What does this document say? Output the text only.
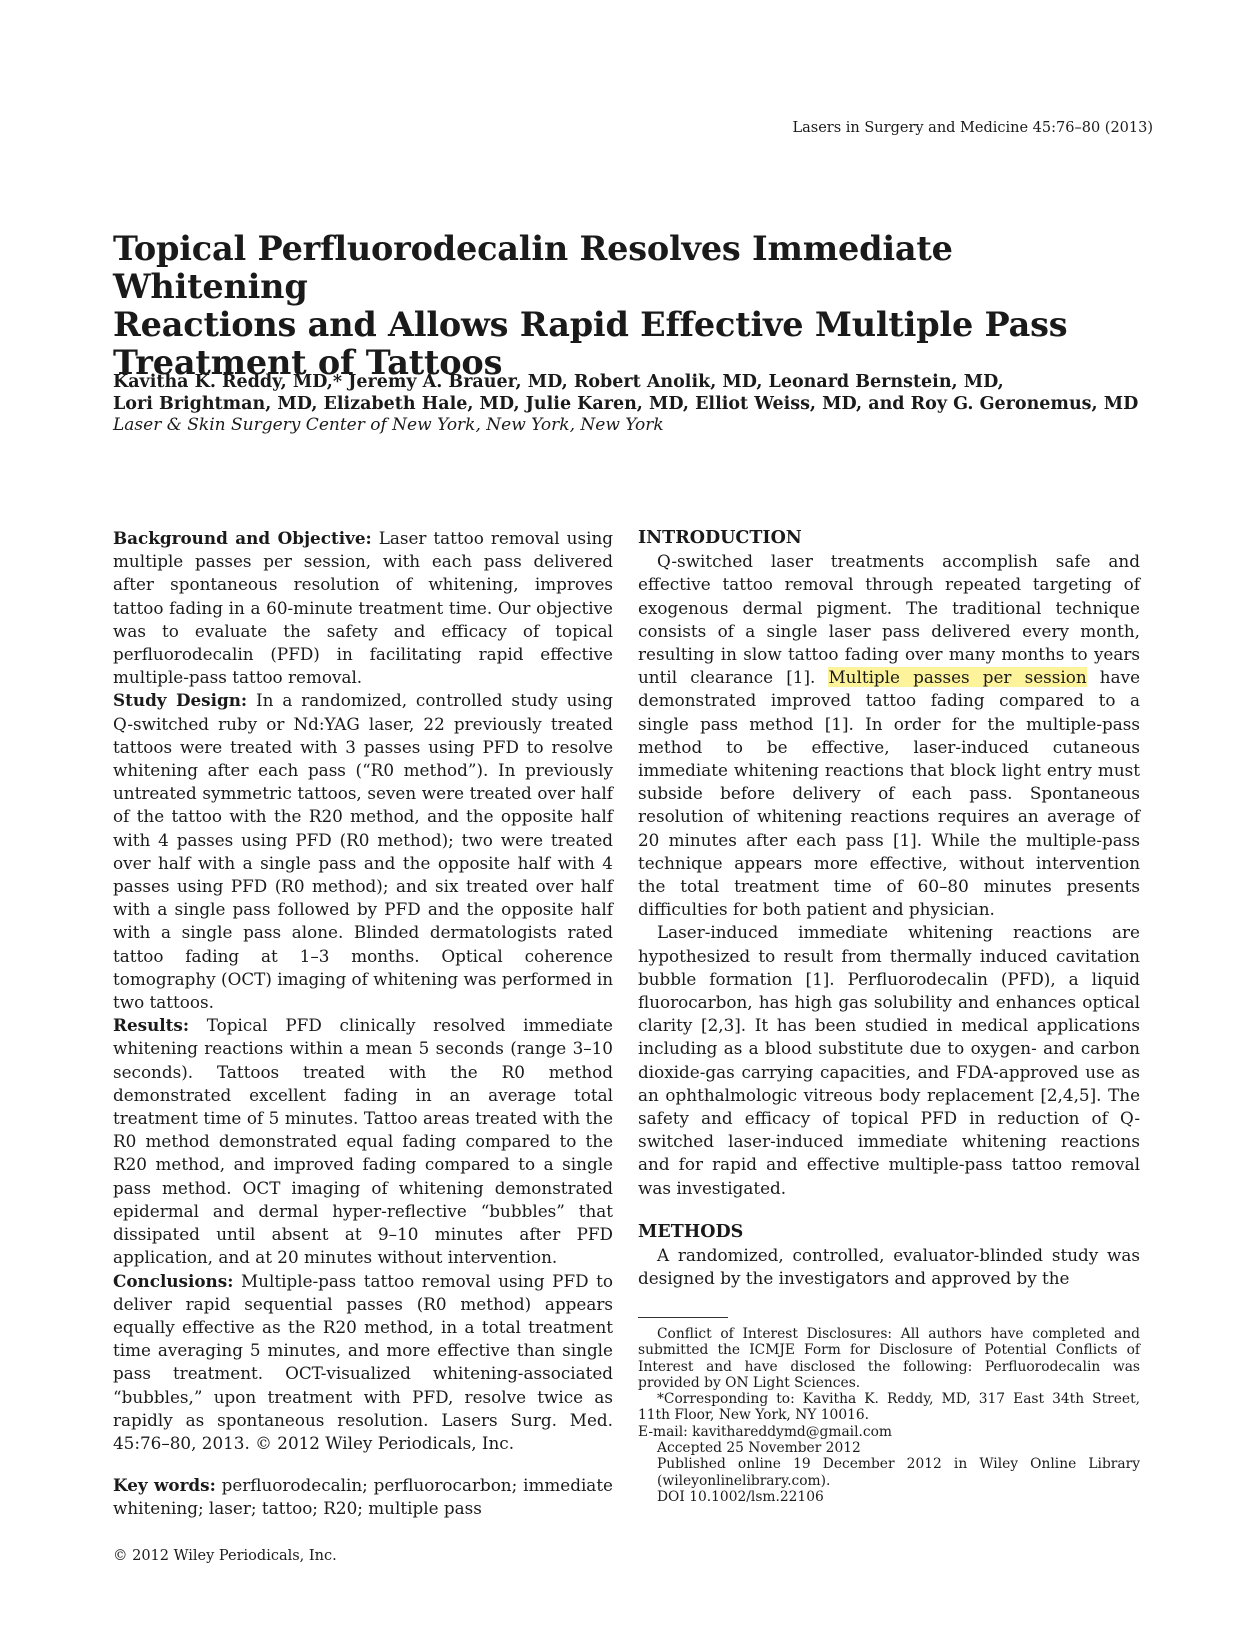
Lasers in Surgery and Medicine 45:76–80 (2013)
Topical Perfluorodecalin Resolves Immediate Whitening
Reactions and Allows Rapid Effective Multiple Pass
Treatment of Tattoos
Kavitha K. Reddy, MD,* Jeremy A. Brauer, MD, Robert Anolik, MD, Leonard Bernstein, MD,
Lori Brightman, MD, Elizabeth Hale, MD, Julie Karen, MD, Elliot Weiss, MD, and Roy G. Geronemus, MD
Laser & Skin Surgery Center of New York, New York, New York

Background and Objective: Laser tattoo removal using multiple passes per session, with each pass delivered after spontaneous resolution of whitening, improves tattoo fading in a 60-minute treatment time. Our objective was to evaluate the safety and efficacy of topical perfluorodecalin (PFD) in facilitating rapid effective multiple-pass tattoo removal.

Study Design: In a randomized, controlled study using Q-switched ruby or Nd:YAG laser, 22 previously treated tattoos were treated with 3 passes using PFD to resolve whitening after each pass (“R0 method”). In previously untreated symmetric tattoos, seven were treated over half of the tattoo with the R20 method, and the opposite half with 4 passes using PFD (R0 method); two were treated over half with a single pass and the opposite half with 4 passes using PFD (R0 method); and six treated over half with a single pass followed by PFD and the opposite half with a single pass alone. Blinded dermatologists rated tattoo fading at 1–3 months. Optical coherence tomography (OCT) imaging of whitening was performed in two tattoos.

Results: Topical PFD clinically resolved immediate whitening reactions within a mean 5 seconds (range 3–10 seconds). Tattoos treated with the R0 method demonstrated excellent fading in an average total treatment time of 5 minutes. Tattoo areas treated with the R0 method demonstrated equal fading compared to the R20 method, and improved fading compared to a single pass method. OCT imaging of whitening demonstrated epidermal and dermal hyper-reflective “bubbles” that dissipated until absent at 9–10 minutes after PFD application, and at 20 minutes without intervention.

Conclusions: Multiple-pass tattoo removal using PFD to deliver rapid sequential passes (R0 method) appears equally effective as the R20 method, in a total treatment time averaging 5 minutes, and more effective than single pass treatment. OCT-visualized whitening-associated “bubbles,” upon treatment with PFD, resolve twice as rapidly as spontaneous resolution. Lasers Surg. Med. 45:76–80, 2013. © 2012 Wiley Periodicals, Inc.

Key words: perfluorodecalin; perfluorocarbon; immediate whitening; laser; tattoo; R20; multiple pass

INTRODUCTION

Q-switched laser treatments accomplish safe and effective tattoo removal through repeated targeting of exogenous dermal pigment. The traditional technique consists of a single laser pass delivered every month, resulting in slow tattoo fading over many months to years until clearance [1]. Multiple passes per session have demonstrated improved tattoo fading compared to a single pass method [1]. In order for the multiple-pass method to be effective, laser-induced cutaneous immediate whitening reactions that block light entry must subside before delivery of each pass. Spontaneous resolution of whitening reactions requires an average of 20 minutes after each pass [1]. While the multiple-pass technique appears more effective, without intervention the total treatment time of 60–80 minutes presents difficulties for both patient and physician.

Laser-induced immediate whitening reactions are hypothesized to result from thermally induced cavitation bubble formation [1]. Perfluorodecalin (PFD), a liquid fluorocarbon, has high gas solubility and enhances optical clarity [2,3]. It has been studied in medical applications including as a blood substitute due to oxygen- and carbon dioxide-gas carrying capacities, and FDA-approved use as an ophthalmologic vitreous body replacement [2,4,5]. The safety and efficacy of topical PFD in reduction of Q-switched laser-induced immediate whitening reactions and for rapid and effective multiple-pass tattoo removal was investigated.

METHODS

A randomized, controlled, evaluator-blinded study was designed by the investigators and approved by the

Conflict of Interest Disclosures: All authors have completed and submitted the ICMJE Form for Disclosure of Potential Conflicts of Interest and have disclosed the following: Perfluorodecalin was provided by ON Light Sciences.

*Corresponding to: Kavitha K. Reddy, MD, 317 East 34th Street, 11th Floor, New York, NY 10016.

E-mail: kavithareddymd@gmail.com

Accepted 25 November 2012

Published online 19 December 2012 in Wiley Online Library (wileyonlinelibrary.com).

DOI 10.1002/lsm.22106

© 2012 Wiley Periodicals, Inc.
